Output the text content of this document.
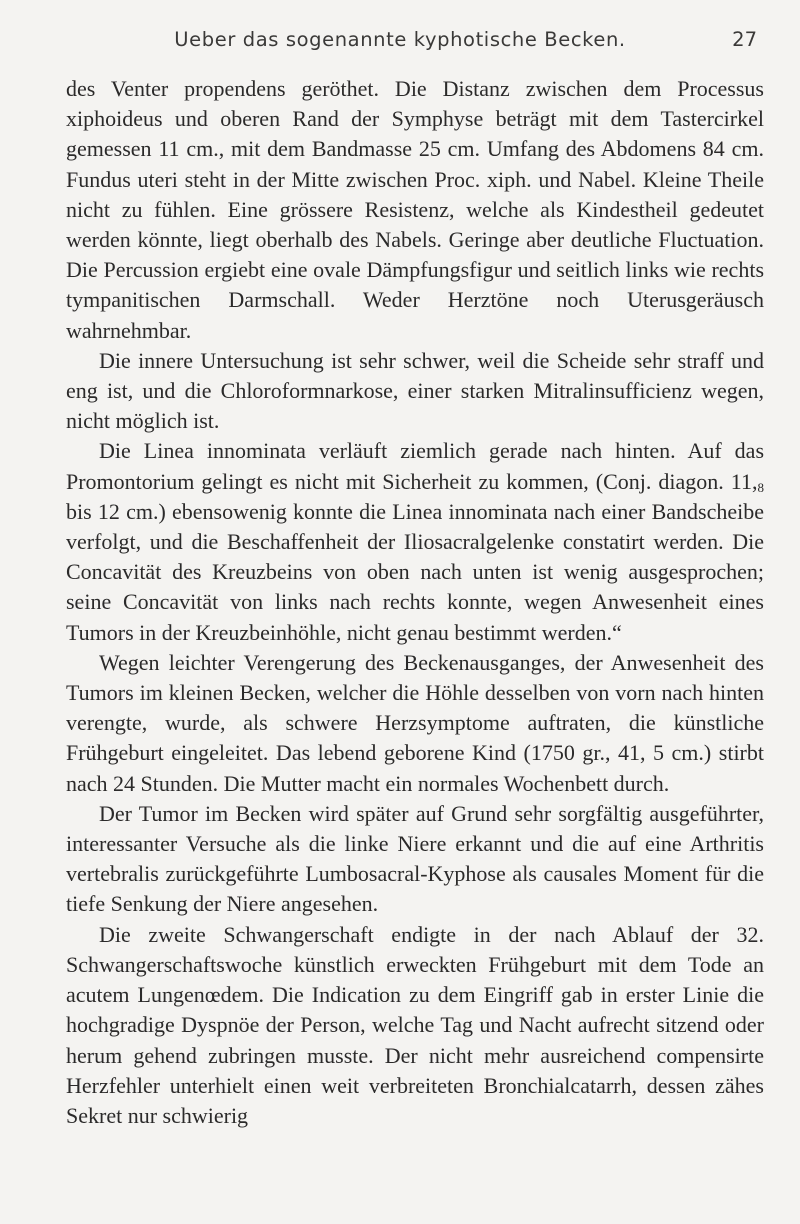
Ueber das sogenannte kyphotische Becken.	27

des Venter propendens geröthet. Die Distanz zwischen dem Processus xiphoideus und oberen Rand der Symphyse beträgt mit dem Tastercirkel gemessen 11 cm., mit dem Bandmasse 25 cm. Umfang des Abdomens 84 cm. Fundus uteri steht in der Mitte zwischen Proc. xiph. und Nabel. Kleine Theile nicht zu fühlen. Eine grössere Resistenz, welche als Kindestheil gedeutet werden könnte, liegt oberhalb des Nabels. Geringe aber deutliche Fluctuation. Die Percussion ergiebt eine ovale Dämpfungsfigur und seitlich links wie rechts tympanitischen Darmschall. Weder Herztöne noch Uterusgeräusch wahrnehmbar.

Die innere Untersuchung ist sehr schwer, weil die Scheide sehr straff und eng ist, und die Chloroformnarkose, einer starken Mitralinsufficienz wegen, nicht möglich ist.

Die Linea innominata verläuft ziemlich gerade nach hinten. Auf das Promontorium gelingt es nicht mit Sicherheit zu kommen, (Conj. diagon. $11,_8$ bis 12 cm.) ebensowenig konnte die Linea innominata nach einer Bandscheibe verfolgt, und die Beschaffenheit der Iliosacralgelenke constatirt werden. Die Concavität des Kreuzbeins von oben nach unten ist wenig ausgesprochen; seine Concavität von links nach rechts konnte, wegen Anwesenheit eines Tumors in der Kreuzbeinhöhle, nicht genau bestimmt werden.“

Wegen leichter Verengerung des Beckenausganges, der Anwesenheit des Tumors im kleinen Becken, welcher die Höhle desselben von vorn nach hinten verengte, wurde, als schwere Herzsymptome auftraten, die künstliche Frühgeburt eingeleitet. Das lebend geborene Kind (1750 gr., 41, 5 cm.) stirbt nach 24 Stunden. Die Mutter macht ein normales Wochenbett durch.

Der Tumor im Becken wird später auf Grund sehr sorgfältig ausgeführter, interessanter Versuche als die linke Niere erkannt und die auf eine Arthritis vertebralis zurückgeführte Lumbosacral-Kyphose als causales Moment für die tiefe Senkung der Niere angesehen.

Die zweite Schwangerschaft endigte in der nach Ablauf der 32. Schwangerschaftswoche künstlich erweckten Frühgeburt mit dem Tode an acutem Lungenœdem. Die Indication zu dem Eingriff gab in erster Linie die hochgradige Dyspnöe der Person, welche Tag und Nacht aufrecht sitzend oder herum gehend zubringen musste. Der nicht mehr ausreichend compensirte Herzfehler unterhielt einen weit verbreiteten Bronchialcatarrh, dessen zähes Sekret nur schwierig
